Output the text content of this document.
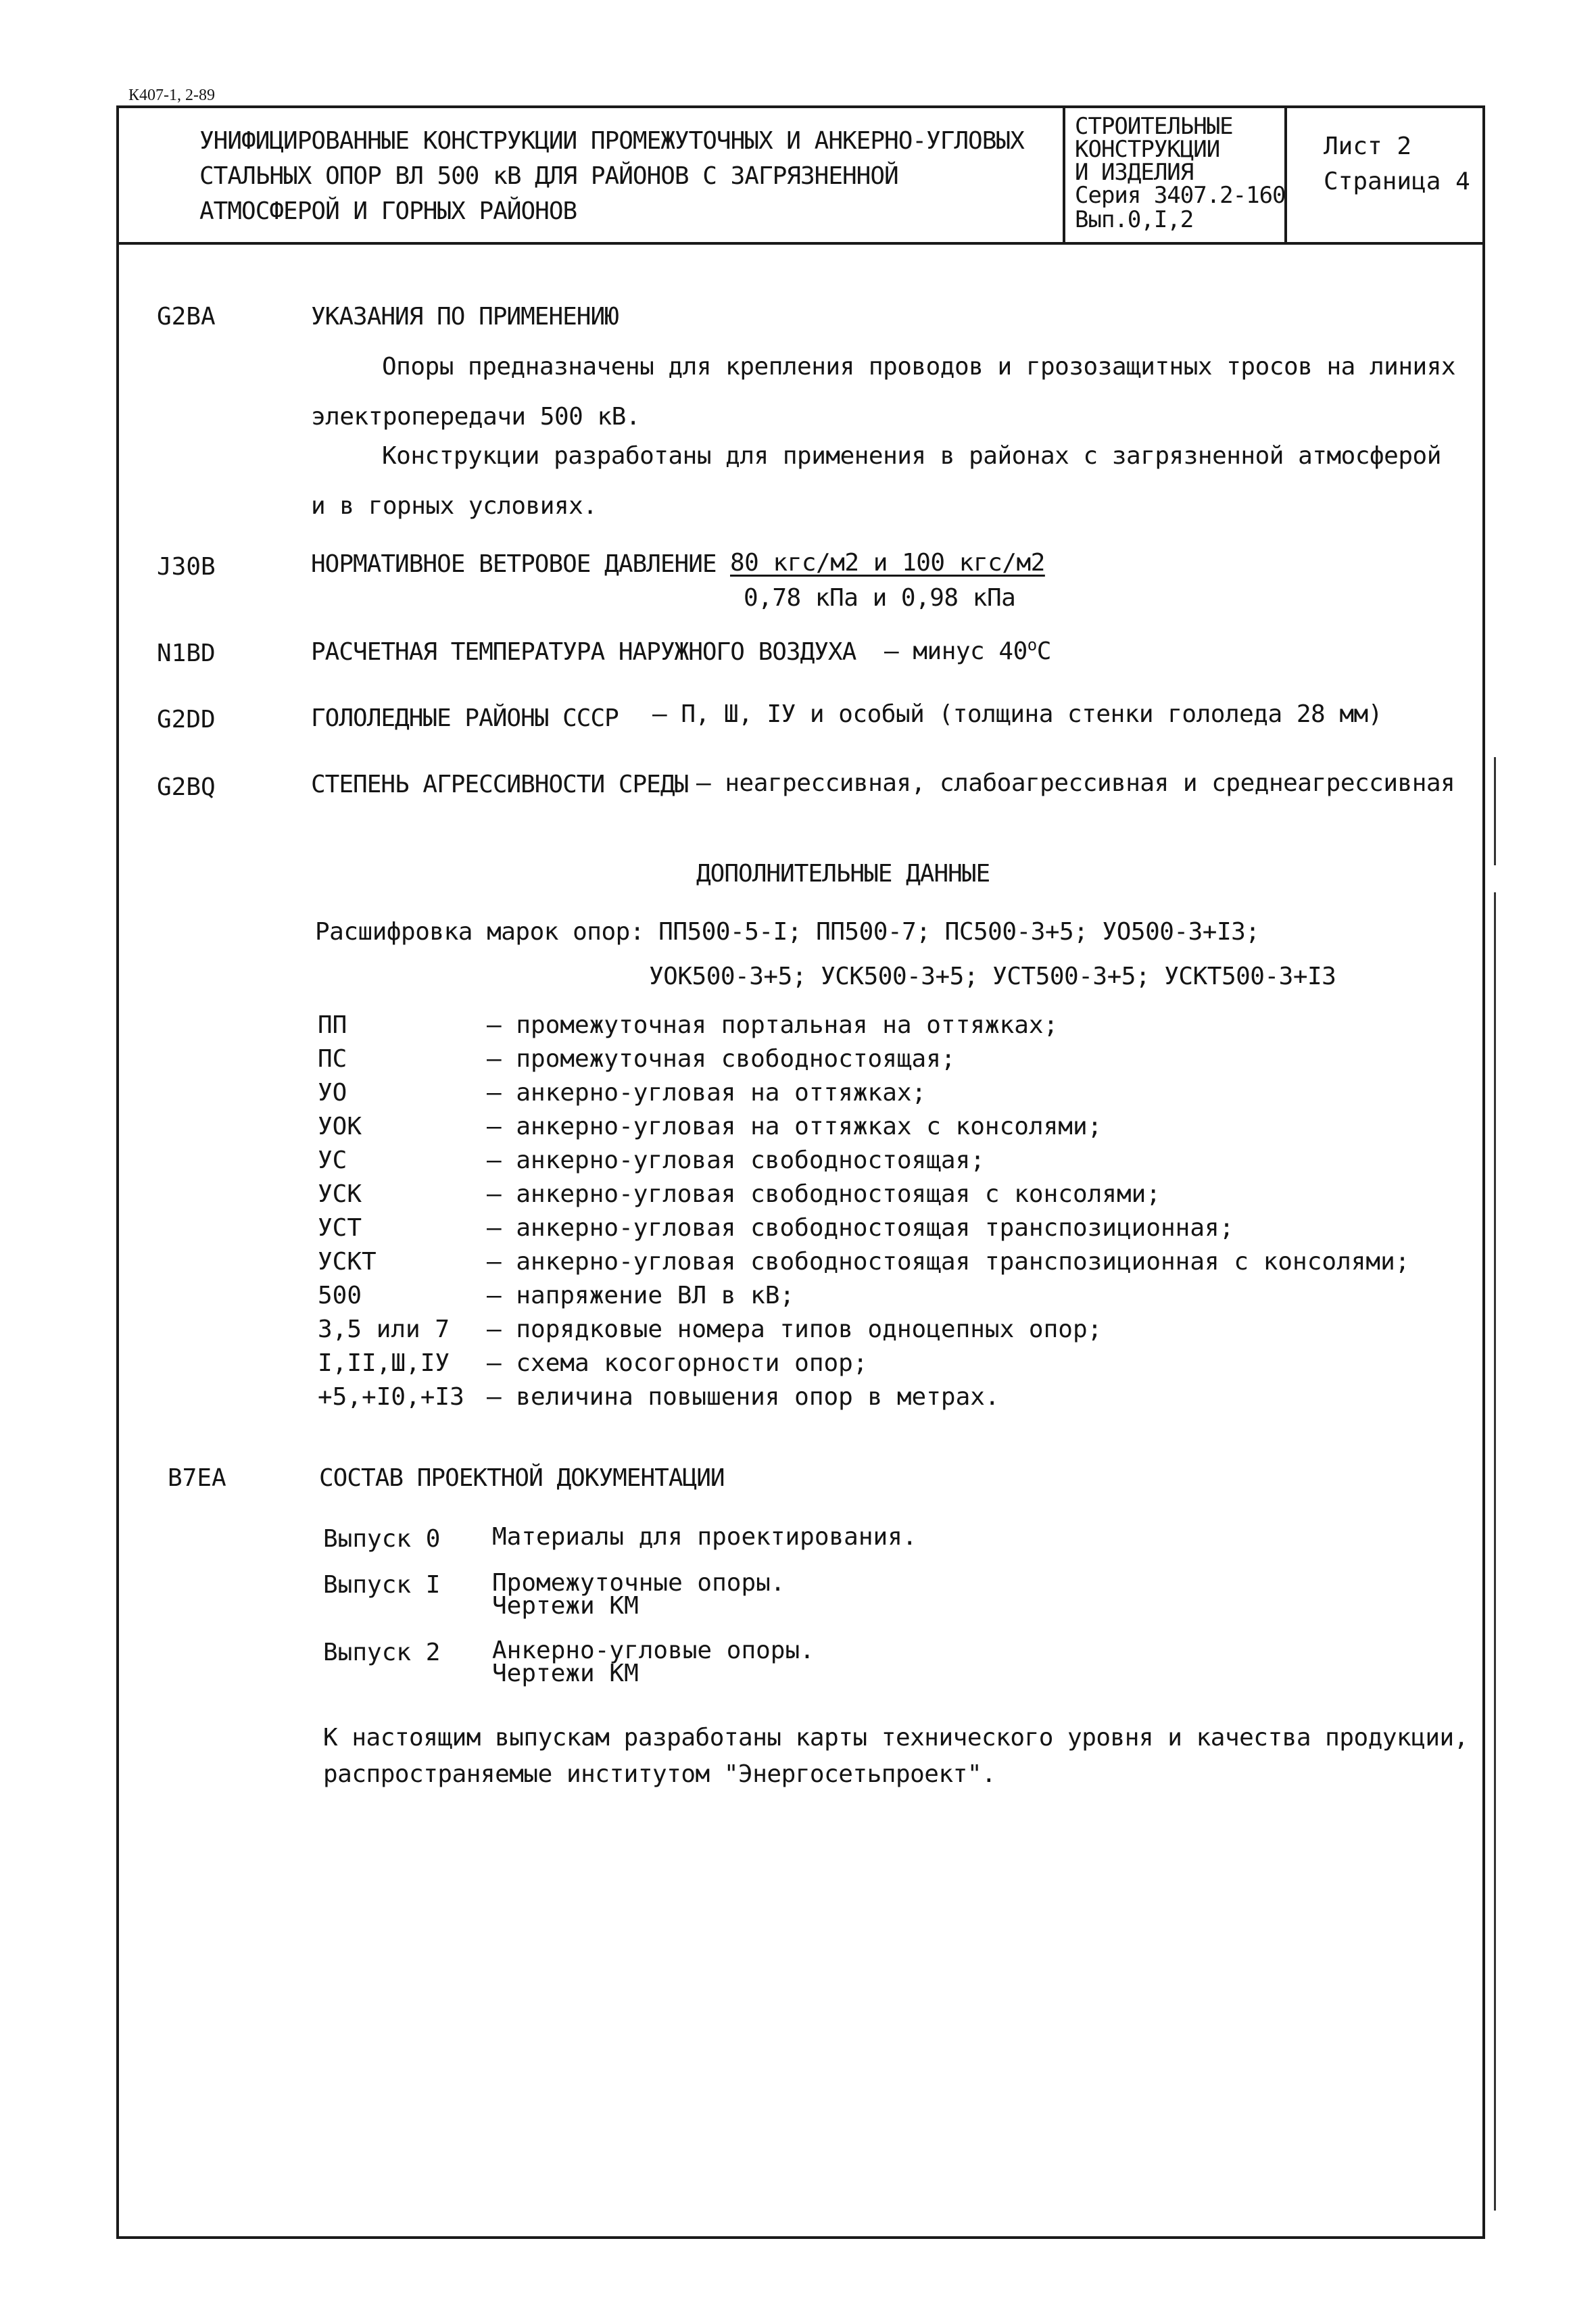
К407-1, 2-89
УНИФИЦИРОВАННЫЕ КОНСТРУКЦИИ ПРОМЕЖУТОЧНЫХ И АНКЕРНО-УГЛОВЫХ
СТАЛЬНЫХ ОПОР ВЛ 500 кВ ДЛЯ РАЙОНОВ С ЗАГРЯЗНЕННОЙ
АТМОСФЕРОЙ И ГОРНЫХ РАЙОНОВ
СТРОИТЕЛЬНЫЕ
КОНСТРУКЦИИ
И ИЗДЕЛИЯ
Серия 3407.2-160
Вып.0,I,2
Лист 2
Страница 4
G2BA	УКАЗАНИЯ ПО ПРИМЕНЕНИЮ
Опоры предназначены для крепления проводов и грозозащитных тросов на линиях
электропередачи 500 кВ.
Конструкции разработаны для применения в районах с загрязненной атмосферой
и в горных условиях.
J30B	НОРМАТИВНОЕ ВЕТРОВОЕ ДАВЛЕНИЕ 80 кгс/м2 и 100 кгс/м2
0,78 кПа и 0,98 кПа
N1BD	РАСЧЕТНАЯ ТЕМПЕРАТУРА НАРУЖНОГО ВОЗДУХА – минус $40^оС$
G2DD	ГОЛОЛЕДНЫЕ РАЙОНЫ СССР – П, Ш, IУ и особый (толщина стенки гололеда 28 мм)
G2BQ	СТЕПЕНЬ АГРЕССИВНОСТИ СРЕДЫ – неагрессивная, слабоагрессивная и среднеагрессивная
ДОПОЛНИТЕЛЬНЫЕ ДАННЫЕ
Расшифровка марок опор: ПП500-5-I; ПП500-7; ПС500-3+5; УО500-3+I3;
УОК500-3+5; УСК500-3+5; УСТ500-3+5; УСКТ500-3+I3
ПП	– промежуточная портальная на оттяжках;
ПС	– промежуточная свободностоящая;
УО	– анкерно-угловая на оттяжках;
УОК	– анкерно-угловая на оттяжках с консолями;
УС	– анкерно-угловая свободностоящая;
УСК	– анкерно-угловая свободностоящая с консолями;
УСТ	– анкерно-угловая свободностоящая транспозиционная;
УСКТ	– анкерно-угловая свободностоящая транспозиционная с консолями;
500	– напряжение ВЛ в кВ;
3,5 или 7 – порядковые номера типов одноцепных опор;
I,II,Ш,IУ – схема косогорности опор;
+5,+I0,+I3 – величина повышения опор в метрах.
B7EA	СОСТАВ ПРОЕКТНОЙ ДОКУМЕНТАЦИИ
Выпуск 0 Материалы для проектирования.
Выпуск I Промежуточные опоры.
Чертежи КМ
Выпуск 2 Анкерно-угловые опоры.
Чертежи КМ
К настоящим выпускам разработаны карты технического уровня и качества продукции,
распространяемые институтом "Энергосетьпроект".
